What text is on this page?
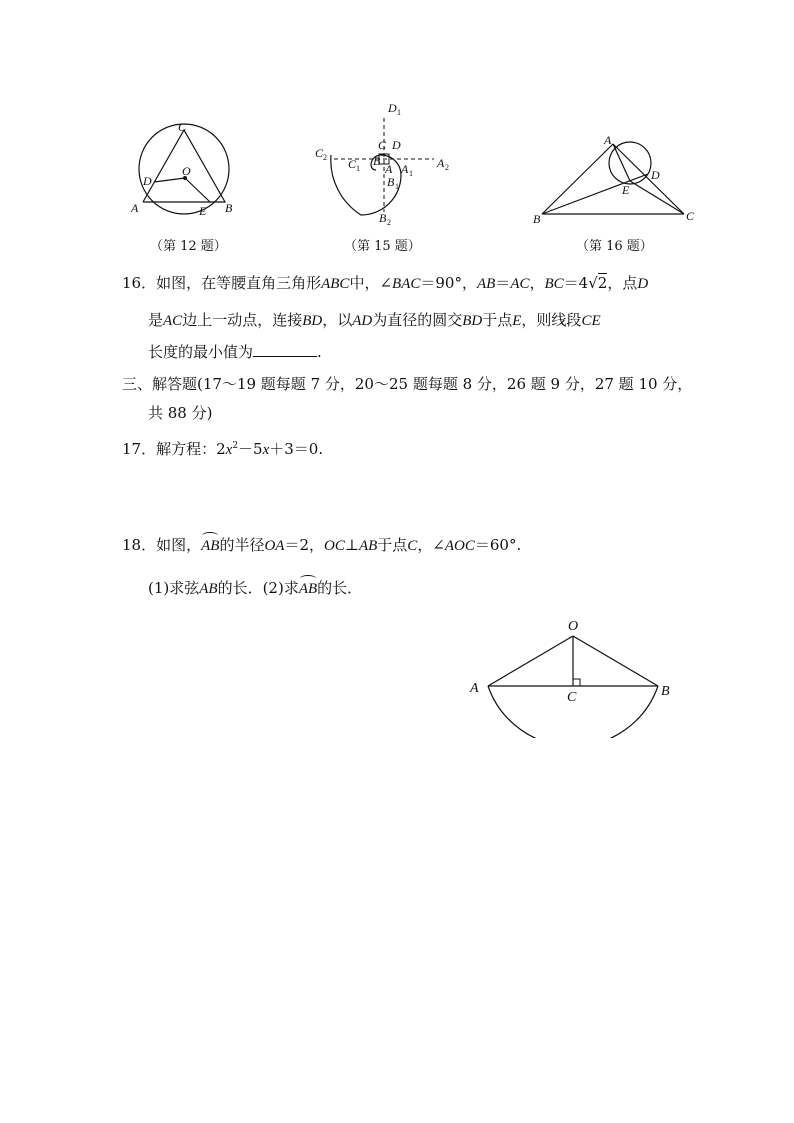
C
O
D
A	E B
（第 12 题）
D 1
C 2 C 1
C D
B
A A 1
B 1
A 2
B 2
（第 15 题）
A
D
E
B	C
（第 16 题）
16．如图，在等腰直角三角形ABC中，∠BAC＝90°，AB＝AC，BC＝4√2，点D
是AC边上一动点，连接BD，以AD为直径的圆交BD于点E，则线段CE
长度的最小值为	.
三、解答题(17～19 题每题 7 分，20～25 题每题 8 分，26 题 9 分，27 题 10 分，
共 88 分)
17．解方程：$2x^2-5x+3=0$.
18．如图，AB的半径OA＝2，OC⊥AB于点C，∠AOC＝60°.
(1)求弦AB的长．(2)求AB的长．
O
A	B
C
